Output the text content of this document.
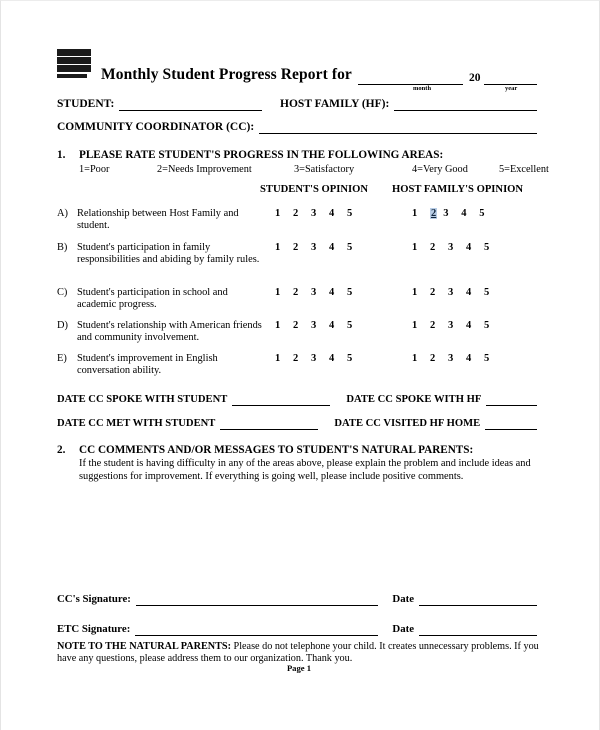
Monthly Student Progress Report for	20
month	year
STUDENT:	HOST FAMILY (HF):
COMMUNITY COORDINATOR (CC):
1.	PLEASE RATE STUDENT'S PROGRESS IN THE FOLLOWING AREAS:
1=Poor	2=Needs Improvement	3=Satisfactory	4=Very Good	5=Excellent
STUDENT'S OPINION HOST FAMILY'S OPINION
A) Relationship between Host Family and student.
1 2 3 4 5	1 2 3 4 5
B) Student's participation in family responsibilities and abiding by family rules.
1 2 3 4 5	1 2 3 4 5
C) Student's participation in school and academic progress.
1 2 3 4 5	1 2 3 4 5
D) Student's relationship with American friends and community involvement.
1 2 3 4 5	1 2 3 4 5
E) Student's improvement in English conversation ability.
1 2 3 4 5	1 2 3 4 5
DATE CC SPOKE WITH STUDENT	DATE CC SPOKE WITH HF
DATE CC MET WITH STUDENT	DATE CC VISITED HF HOME
2.	CC COMMENTS AND/OR MESSAGES TO STUDENT'S NATURAL PARENTS:
If the student is having difficulty in any of the areas above, please explain the problem and include ideas and suggestions for improvement. If everything is going well, please include positive comments.
CC's Signature:	Date
ETC Signature:	Date
NOTE TO THE NATURAL PARENTS: Please do not telephone your child. It creates unnecessary problems. If you have any questions, please address them to our organization. Thank you.
Page 1
